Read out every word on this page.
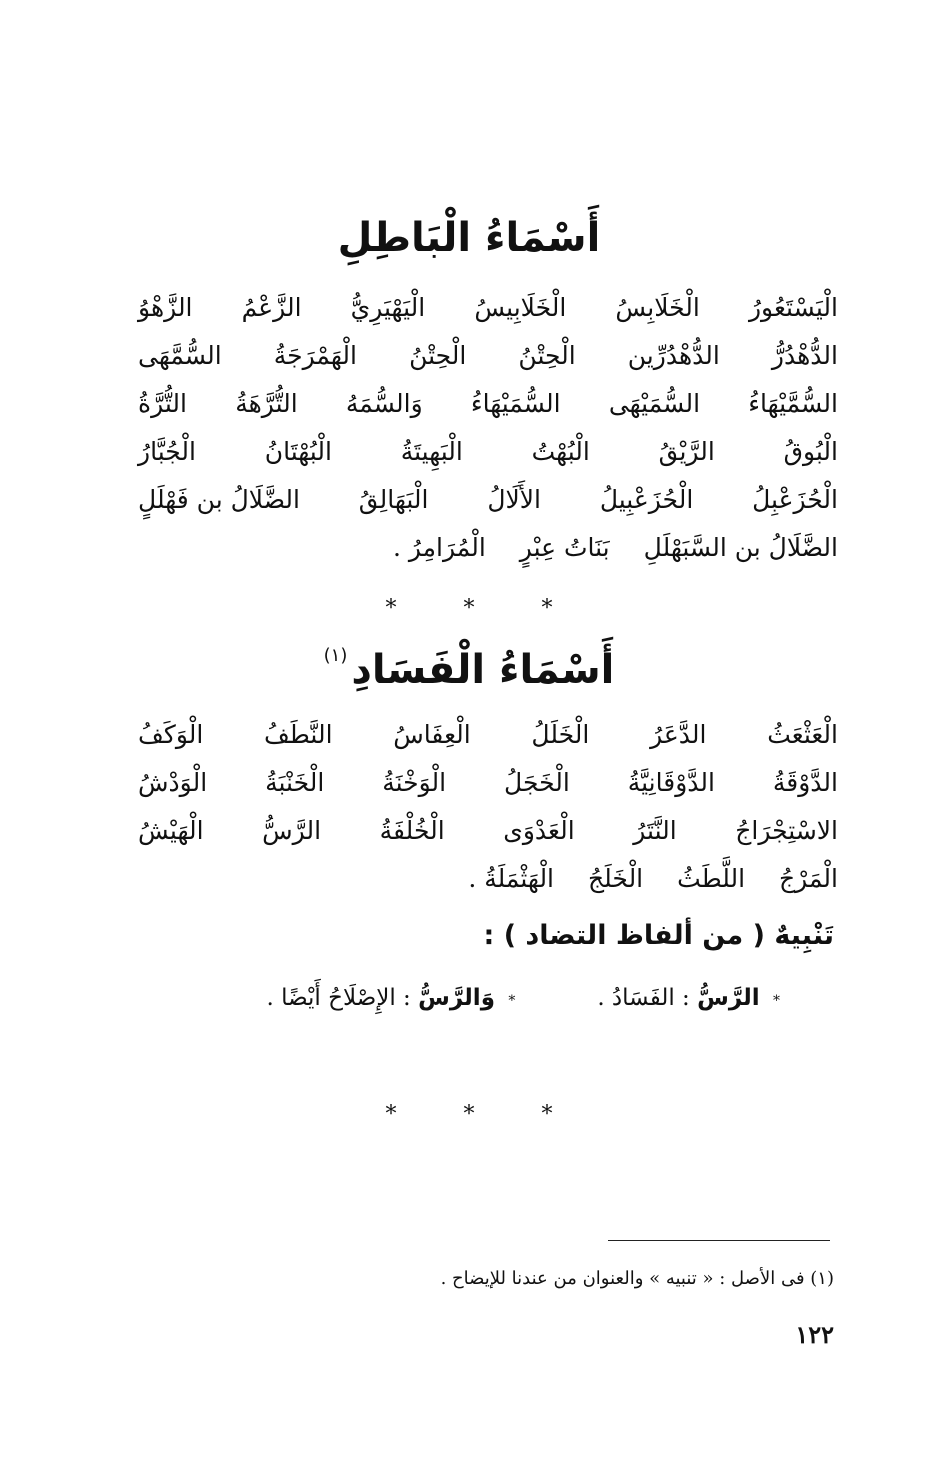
أَسْمَاءُ الْبَاطِلِ
الْيَسْتَعُورُ
الْخَلَابِسُ
الْخَلَابِيسُ
الْيَهْيَرِيُّ
الزَّعْمُ
الزَّهْوُ
الدُّهْدُرُّ
الدُّهْدُرِّين
الْحِتْنُ
الْحِتْنُ
الْهَمْرَجَةُ
السُّمَّهَى
السُّمَّيْهَاءُ
السُّمَيْهَى
السُّمَيْهَاءُ
وَالسُّمَهُ
التُّرَّهَةُ
التُّرَّةُ
الْبُوقُ
الرَّيْقُ
الْبُهْتُ
الْبَهِيتَةُ
الْبُهْتَانُ
الْجُبَّارُ
الْحُزَعْبِلُ
الْحُزَعْبِيلُ
الأَلَالُ
الْبَهَالِقُ
الضَّلَالُ بن فَهْلَلٍ
الضَّلَالُ بن السَّبَهْلَلِ
بَنَاتُ عِبْرٍ
الْمُرَامِرُ .
* * *
أَسْمَاءُ الْفَسَادِ$^{(١)}$
الْعَثْعَثُ
الدَّعَرُ
الْخَلَلُ
الْعِفَاسُ
النَّطَفُ
الْوَكَفُ
الدَّوْقَةُ
الدَّوْقَانِيَّةُ
الْخَجَلُ
الْوَخْنَةُ
الْخَنْبَةُ
الْوَدْشُ
الاسْتِجْرَاجُ
النَّتَرُ
الْعَدْوَى
الْخُلْفَةُ
الرَّسُّ
الْهَيْشُ
الْمَرْجُ
اللَّطَثُ
الْخَلَجُ
الْهَثْمَلَةُ .
تَنْبِيهٌ ( من ألفاظ التضاد ) :
* الرَّسُّ : الفَسَادُ .
* وَالرَّسُّ : الإِصْلَاحُ أَيْضًا .
* * *
(١) فى الأصل : « تنبيه » والعنوان من عندنا للإيضاح .
١٢٢
